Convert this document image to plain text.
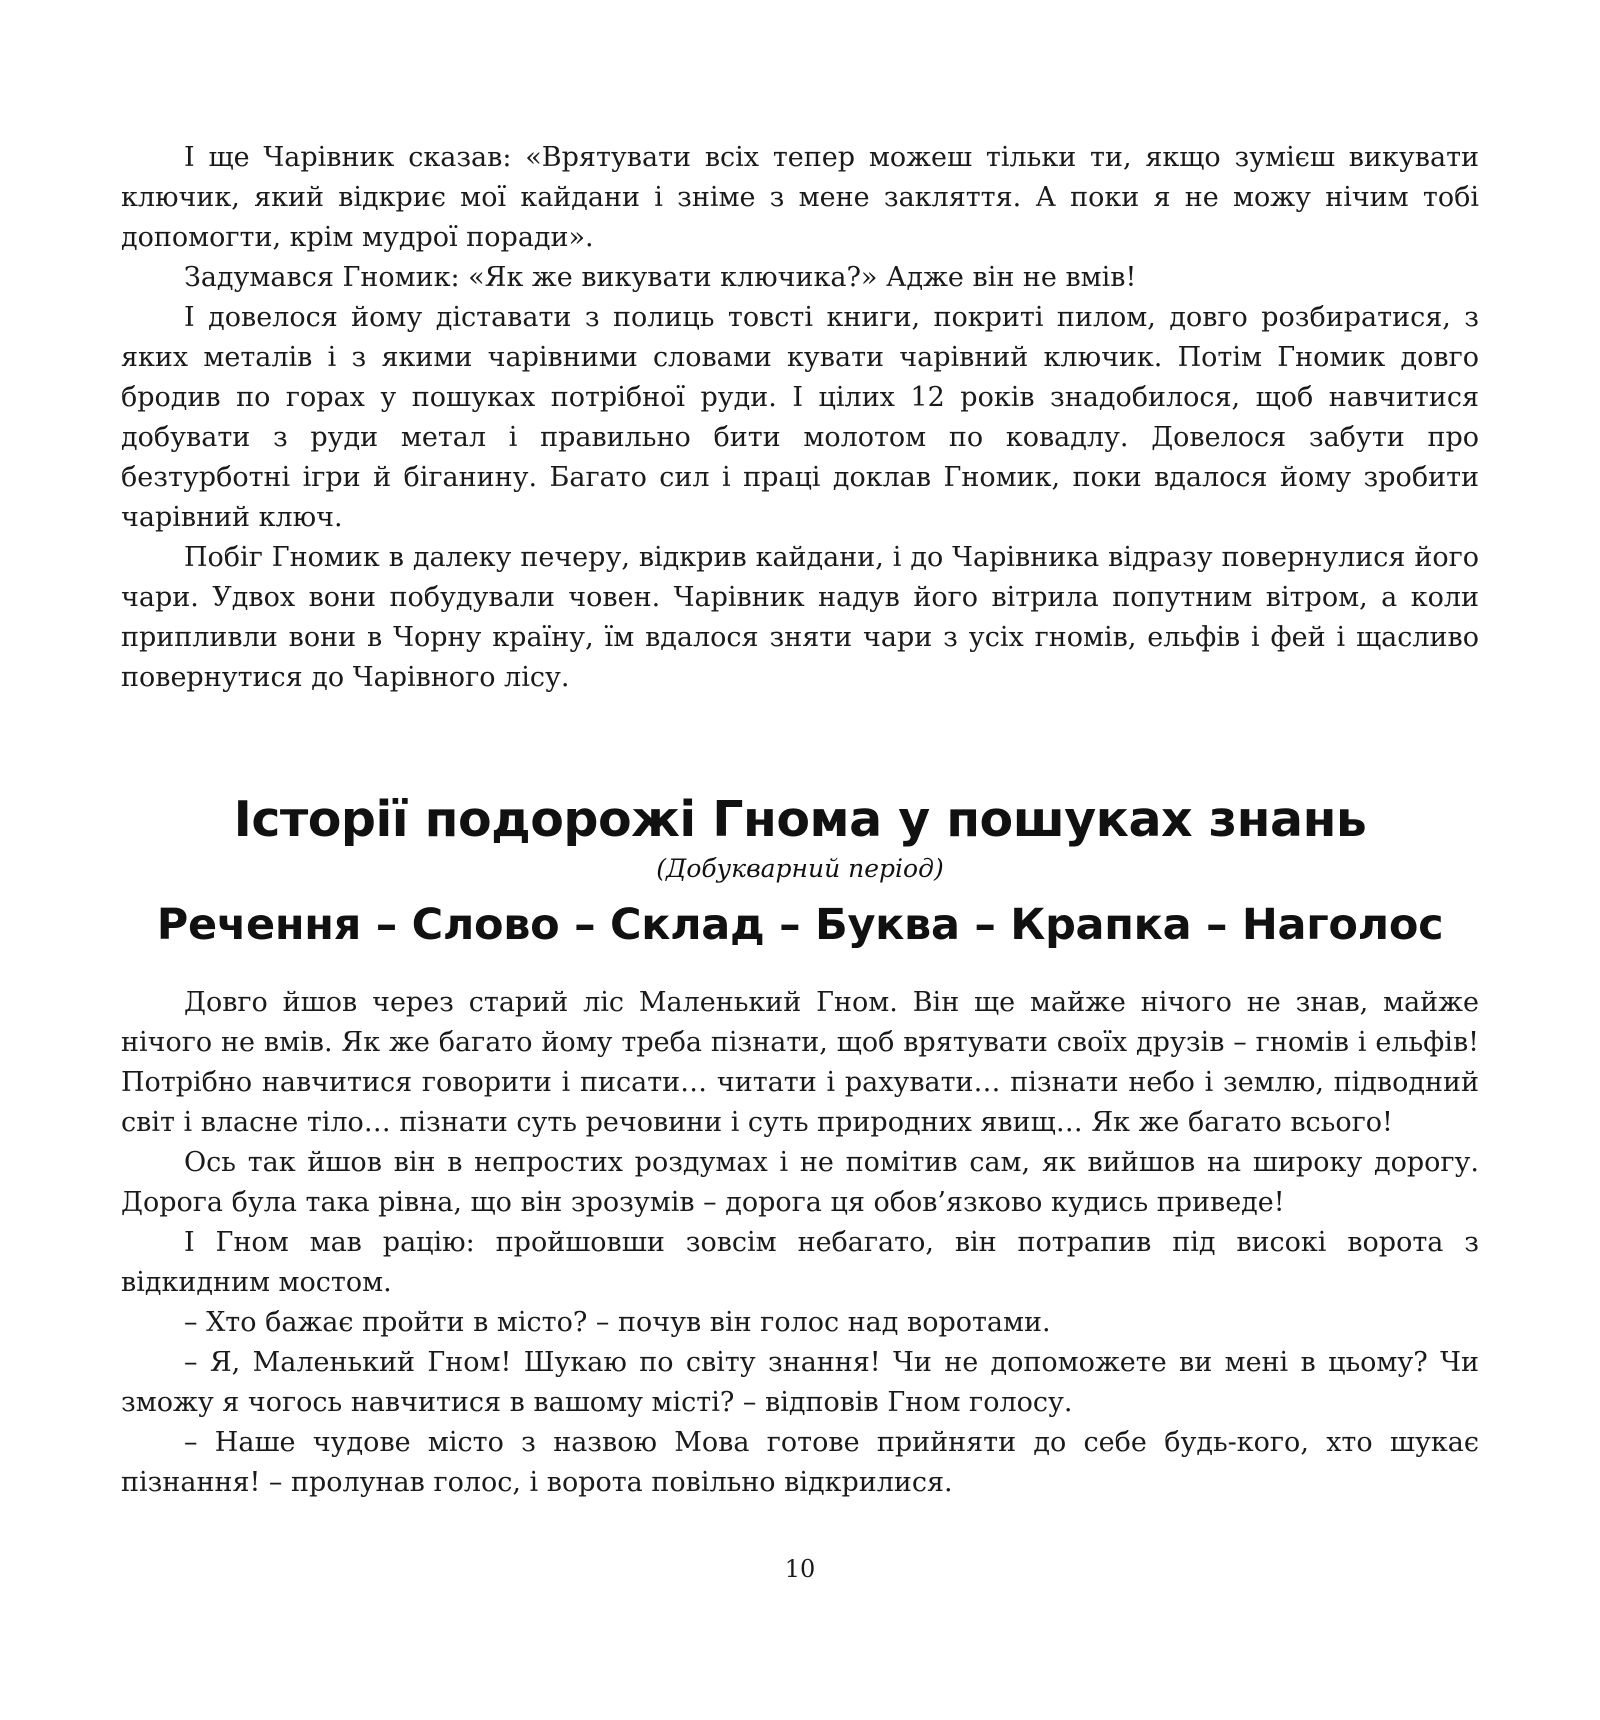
І ще Чарівник сказав: «Врятувати всіх тепер можеш тільки ти, якщо зумієш викувати ключик, який відкриє мої кайдани і зніме з мене закляття. А поки я не можу нічим тобі допомогти, крім мудрої поради».

Задумався Гномик: «Як же викувати ключика?» Адже він не вмів!

І довелося йому діставати з полиць товсті книги, покриті пилом, довго розбиратися, з яких металів і з якими чарівними словами кувати чарівний ключик. Потім Гномик довго бродив по горах у пошуках потрібної руди. І цілих 12 років знадобилося, щоб навчитися добувати з руди метал і правильно бити молотом по ковадлу. Довелося забути про безтурботні ігри й біганину. Багато сил і праці доклав Гномик, поки вдалося йому зробити чарівний ключ.

Побіг Гномик в далеку печеру, відкрив кайдани, і до Чарівника відразу повернулися його чари. Удвох вони побудували човен. Чарівник надув його вітрила попутним вітром, а коли припливли вони в Чорну країну, їм вдалося зняти чари з усіх гномів, ельфів і фей і щасливо повернутися до Чарівного лісу.

Історії подорожі Гнома у пошуках знань
(Добукварний період)
Речення – Слово – Склад – Буква – Крапка – Наголос

Довго йшов через старий ліс Маленький Гном. Він ще майже нічого не знав, майже нічого не вмів. Як же багато йому треба пізнати, щоб врятувати своїх друзів – гномів і ельфів! Потрібно навчитися говорити і писати… читати і рахувати… пізнати небо і землю, підводний світ і власне тіло… пізнати суть речовини і суть природних явищ… Як же багато всього!

Ось так йшов він в непростих роздумах і не помітив сам, як вийшов на широку дорогу. Дорога була така рівна, що він зрозумів – дорога ця обов’язково кудись приведе!

І Гном мав рацію: пройшовши зовсім небагато, він потрапив під високі ворота з відкидним мостом.

– Хто бажає пройти в місто? – почув він голос над воротами.

– Я, Маленький Гном! Шукаю по світу знання! Чи не допоможете ви мені в цьому? Чи зможу я чогось навчитися в вашому місті? – відповів Гном голосу.

– Наше чудове місто з назвою Мова готове прийняти до себе будь-кого, хто шукає пізнання! – пролунав голос, і ворота повільно відкрилися.

10
